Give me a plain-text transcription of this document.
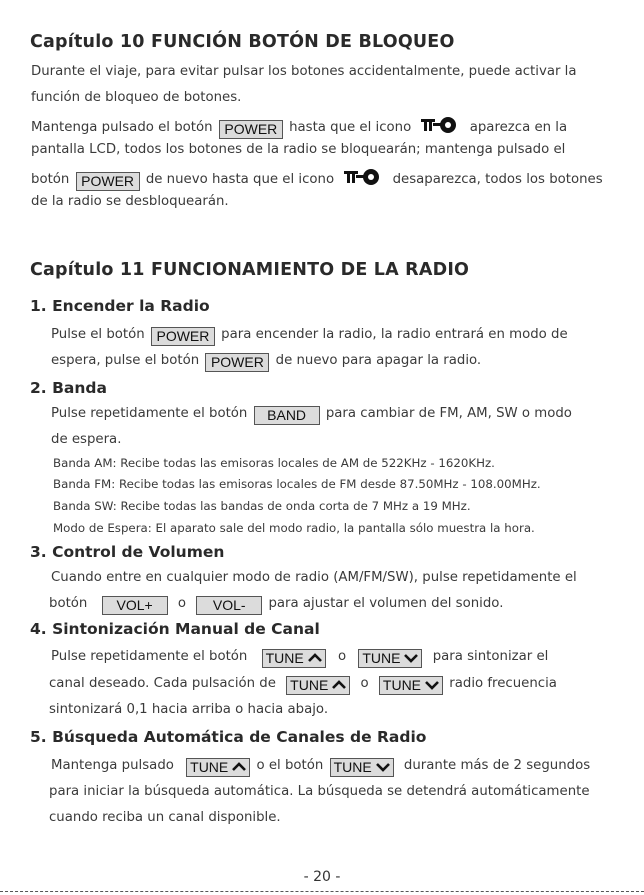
Capítulo 10 FUNCIÓN BOTÓN DE BLOQUEO
Durante el viaje, para evitar pulsar los botones accidentalmente, puede activar la
función de bloqueo de botones.
Mantenga pulsado el botón POWER hasta que el icono	aparezca en la
pantalla LCD, todos los botones de la radio se bloquearán; mantenga pulsado el
botón POWER de nuevo hasta que el icono	desaparezca, todos los botones
de la radio se desbloquearán.
Capítulo 11 FUNCIONAMIENTO DE LA RADIO
1. Encender la Radio
Pulse el botón POWER para encender la radio, la radio entrará en modo de
espera, pulse el botón POWER de nuevo para apagar la radio.
2. Banda
Pulse repetidamente el botón BAND para cambiar de FM, AM, SW o modo
de espera.
Banda AM: Recibe todas las emisoras locales de AM de 522KHz - 1620KHz.
Banda FM: Recibe todas las emisoras locales de FM desde 87.50MHz - 108.00MHz.
Banda SW: Recibe todas las bandas de onda corta de 7 MHz a 19 MHz.
Modo de Espera: El aparato sale del modo radio, la pantalla sólo muestra la hora.
3. Control de Volumen
Cuando entre en cualquier modo de radio (AM/FM/SW), pulse repetidamente el
botón VOL+ o VOL- para ajustar el volumen del sonido.
4. Sintonización Manual de Canal
Pulse repetidamente el botón TUNE	o TUNE para sintonizar el
canal deseado. Cada pulsación de TUNE o TUNE radio frecuencia
sintonizará 0,1 hacia arriba o hacia abajo.
5. Búsqueda Automática de Canales de Radio
Mantenga pulsado TUNE o el botón TUNE durante más de 2 segundos
para iniciar la búsqueda automática. La búsqueda se detendrá automáticamente
cuando reciba un canal disponible.
- 20 -
